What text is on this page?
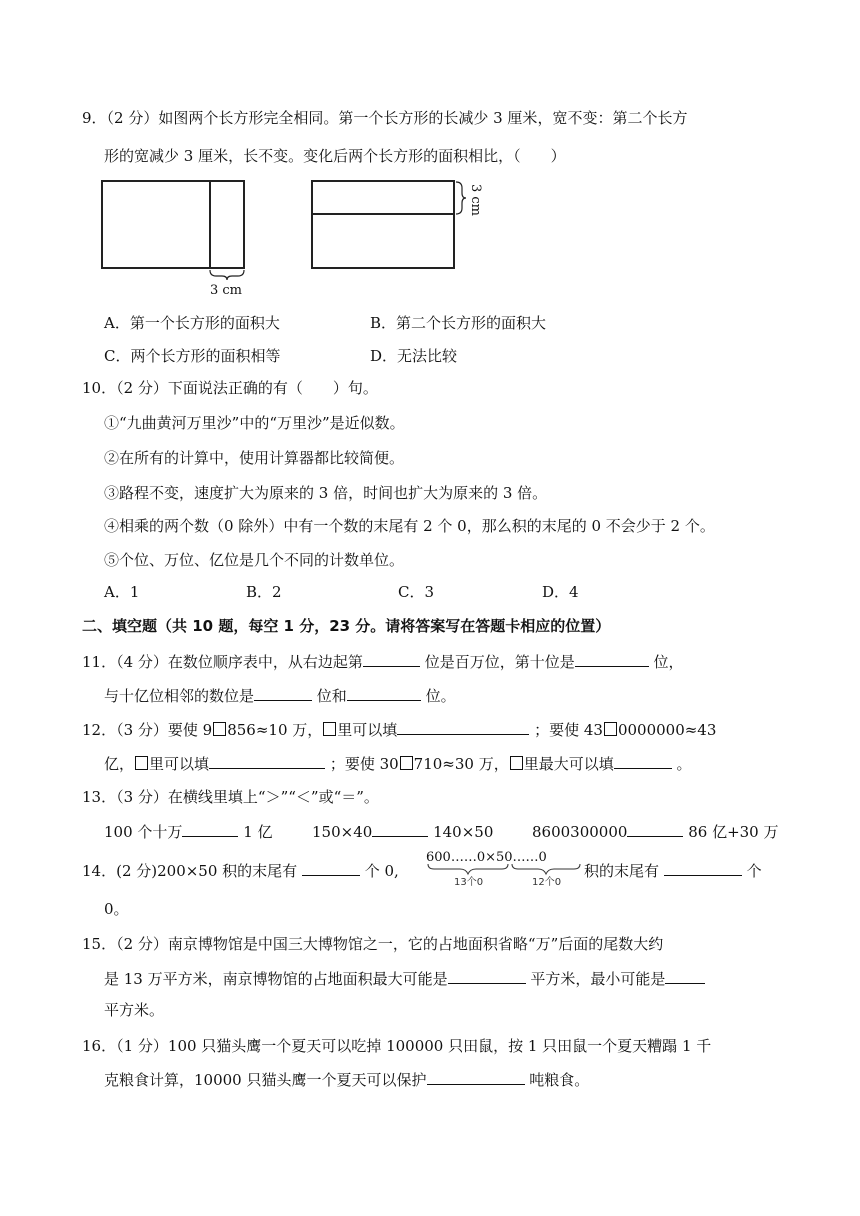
9．（2 分）如图两个长方形完全相同。第一个长方形的长减少 3 厘米，宽不变：第二个长方
形的宽减少 3 厘米，长不变。变化后两个长方形的面积相比，（　　）
3 cm
3 cm
A．第一个长方形的面积大	B．第二个长方形的面积大
C．两个长方形的面积相等	D．无法比较
10．（2 分）下面说法正确的有（　　）句。
①“九曲黄河万里沙”中的“万里沙”是近似数。
②在所有的计算中，使用计算器都比较简便。
③路程不变，速度扩大为原来的 3 倍，时间也扩大为原来的 3 倍。
④相乘的两个数（0 除外）中有一个数的末尾有 2 个 0，那么积的末尾的 0 不会少于 2 个。
⑤个位、万位、亿位是几个不同的计数单位。
A．1	B．2	C．3	D．4
二、填空题（共 10 题，每空 1 分，23 分。请将答案写在答题卡相应的位置）
11．（4 分）在数位顺序表中，从右边起第	位是百万位，第十位是	位，
与十亿位相邻的数位是	位和	位。
12．（3 分）要使 9 856≈10 万， 里可以填	；要使 43 0000000≈43
亿， 里可以填	；要使 30 710≈30 万， 里最大可以填	。
13．（3 分）在横线里填上“＞”“＜”或“＝”。
100 个十万	1 亿	150×40	140×50	8600300000	86 亿+30 万
14．(2 分)200×50 积的末尾有	个 0,
600……0×50……0
13个0	12个0
积的末尾有	个
0。
15．（2 分）南京博物馆是中国三大博物馆之一，它的占地面积省略“万”后面的尾数大约
是 13 万平方米，南京博物馆的占地面积最大可能是	平方米，最小可能是
平方米。
16．（1 分）100 只猫头鹰一个夏天可以吃掉 100000 只田鼠，按 1 只田鼠一个夏天糟蹋 1 千
克粮食计算，10000 只猫头鹰一个夏天可以保护	吨粮食。
